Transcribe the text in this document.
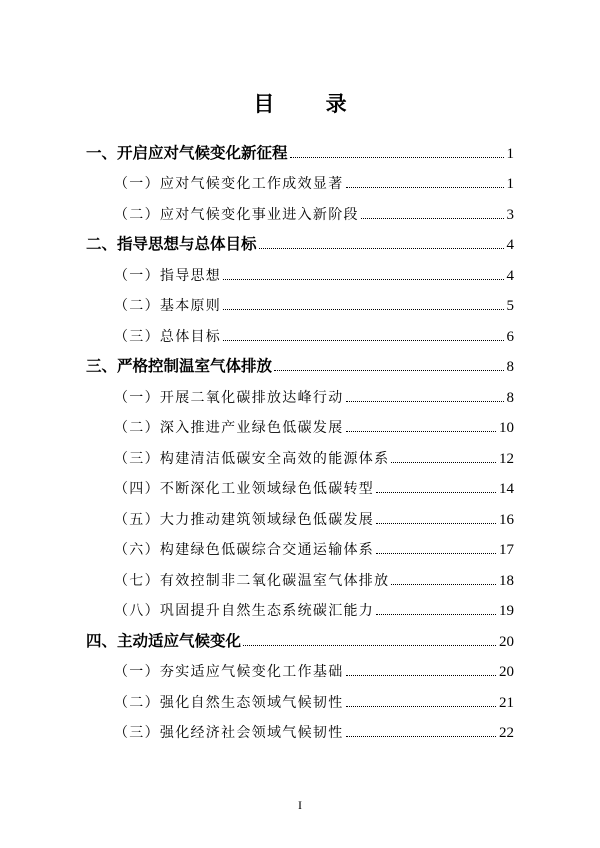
目 录
一、开启应对气候变化新征程	1
（一）应对气候变化工作成效显著	1
（二）应对气候变化事业进入新阶段	3
二、指导思想与总体目标	4
（一）指导思想	4
（二）基本原则	5
（三）总体目标	6
三、严格控制温室气体排放	8
（一）开展二氧化碳排放达峰行动	8
（二）深入推进产业绿色低碳发展	10
（三）构建清洁低碳安全高效的能源体系	12
（四）不断深化工业领域绿色低碳转型	14
（五）大力推动建筑领域绿色低碳发展	16
（六）构建绿色低碳综合交通运输体系	17
（七）有效控制非二氧化碳温室气体排放	18
（八）巩固提升自然生态系统碳汇能力	19
四、主动适应气候变化	20
（一）夯实适应气候变化工作基础	20
（二）强化自然生态领域气候韧性	21
（三）强化经济社会领域气候韧性	22
I
